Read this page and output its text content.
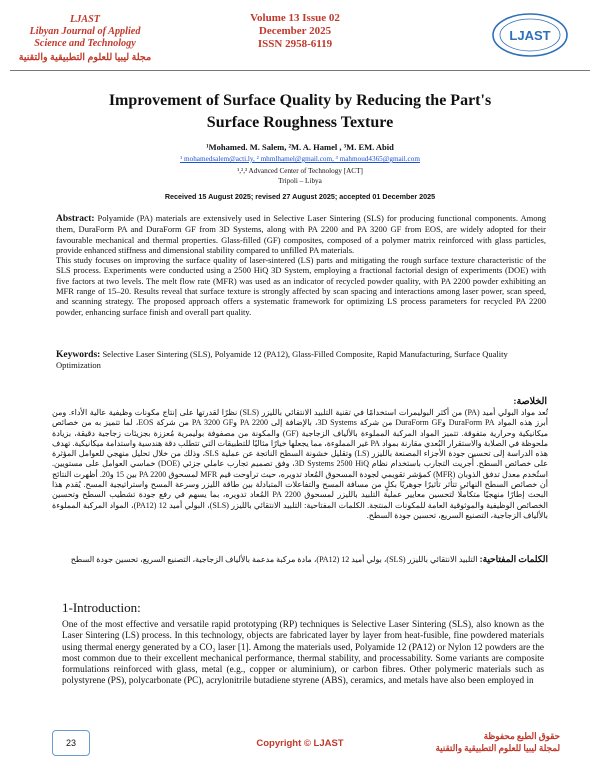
LJAST
Libyan Journal of Applied
Science and Technology
مجلة ليبيا للعلوم التطبيقية والتقنية
Volume 13 Issue 02
December 2025
ISSN 2958-6119
LJAST
Improvement of Surface Quality by Reducing the Part's
Surface Roughness Texture
¹Mohamed. M. Salem, ²M. A. Hamel , ³M. EM. Abid
¹ mohamedsalem@acti.ly, ² mhmlhamel@gmail.com, ³ mahmoud4365@gmail.com
¹,²,³ Advanced Center of Technology [ACT]
Tripoli – Libya
Received 15 August 2025; revised 27 August 2025; accepted 01 December 2025
Abstract: Polyamide (PA) materials are extensively used in Selective Laser Sintering (SLS) for producing functional components. Among them, DuraForm PA and DuraForm GF from 3D Systems, along with PA 2200 and PA 3200 GF from EOS, are widely adopted for their favourable mechanical and thermal properties. Glass-filled (GF) composites, composed of a polymer matrix reinforced with glass particles, provide enhanced stiffness and dimensional stability compared to unfilled PA materials.
This study focuses on improving the surface quality of laser-sintered (LS) parts and mitigating the rough surface texture characteristic of the SLS process. Experiments were conducted using a 2500 HiQ 3D System, employing a fractional factorial design of experiments (DOE) with five factors at two levels. The melt flow rate (MFR) was used as an indicator of recycled powder quality, with PA 2200 powder exhibiting an MFR range of 15–20. Results reveal that surface texture is strongly affected by scan spacing and interactions among laser power, scan speed, and scanning strategy. The proposed approach offers a systematic framework for optimizing LS process parameters for recycled PA 2200 powder, enhancing surface finish and overall part quality.
Keywords: Selective Laser Sintering (SLS), Polyamide 12 (PA12), Glass-Filled Composite, Rapid Manufacturing, Surface Quality Optimization
الخلاصة:
تُعد مواد البولي أميد (PA) من أكثر البوليمرات استخدامًا في تقنية التلبيد الانتقائي بالليزر (SLS) نظرًا لقدرتها على إنتاج مكونات وظيفية عالية الأداء. ومن أبرز هذه المواد DuraForm PA وDuraForm GF من شركة 3D Systems، بالإضافة إلى PA 2200 وPA 3200 GF من شركة EOS، لما تتميز به من خصائص ميكانيكية وحرارية متفوقة. تتميز المواد المركبة المملوءة بالألياف الزجاجية (GF) والمكونة من مصفوفة بوليمرية مُعززة بجزيئات زجاجية دقيقة، بزيادة ملحوظة في الصلابة والاستقرار البُعدي مقارنة بمواد PA غير المملوءة، مما يجعلها خيارًا مثاليًا للتطبيقات التي تتطلب دقة هندسية واستدامة ميكانيكية. تهدف هذه الدراسة إلى تحسين جودة الأجزاء المصنعة بالليزر (LS) وتقليل خشونة السطح الناتجة عن عملية SLS، وذلك من خلال تحليل منهجي للعوامل المؤثرة على خصائص السطح. أُجريت التجارب باستخدام نظام 3D Systems 2500 HiQ، وفق تصميم تجارب عاملي جزئي (DOE) خماسي العوامل على مستويين. استُخدم معدل تدفق الذوبان (MFR) كمؤشر تقويمي لجودة المسحوق المُعاد تدويره، حيث تراوحت قيم MFR لمسحوق PA 2200 بين 15 و20. أظهرت النتائج أن خصائص السطح النهائي تتأثر تأثيرًا جوهريًا بكلٍ من مسافة المسح والتفاعلات المتبادلة بين طاقة الليزر وسرعة المسح واستراتيجية المسح. يُقدم هذا البحث إطارًا منهجيًا متكاملًا لتحسين معايير عملية التلبيد بالليزر لمسحوق PA 2200 المُعاد تدويره، بما يسهم في رفع جودة تشطيب السطح وتحسين الخصائص الوظيفية والموثوقية العامة للمكونات المنتجة. الكلمات المفتاحية: التلبيد الانتقائي بالليزر (SLS)، البولي أميد 12 (PA12)، المواد المركبة المملوءة بالألياف الزجاجية، التصنيع السريع، تحسين جودة السطح.
الكلمات المفتاحية: التلبيد الانتقائي بالليزر (SLS)، بولي أميد 12 (PA12)، مادة مركبة مدعمة بالألياف الزجاجية، التصنيع السريع، تحسين جودة السطح
1-Introduction:
One of the most effective and versatile rapid prototyping (RP) techniques is Selective Laser Sintering (SLS), also known as the Laser Sintering (LS) process. In this technology, objects are fabricated layer by layer from heat-fusible, fine powdered materials using thermal energy generated by a CO₂ laser [1]. Among the materials used, Polyamide 12 (PA12) or Nylon 12 powders are the most common due to their excellent mechanical performance, thermal stability, and processability. Some variants are composite formulations reinforced with glass, metal (e.g., copper or aluminium), or carbon fibres. Other polymeric materials such as polystyrene (PS), polycarbonate (PC), acrylonitrile butadiene styrene (ABS), ceramics, and metals have also been employed in
23	Copyright © LJAST
حقوق الطبع محفوظة
لمجلة ليبيا للعلوم التطبيقية والتقنية
